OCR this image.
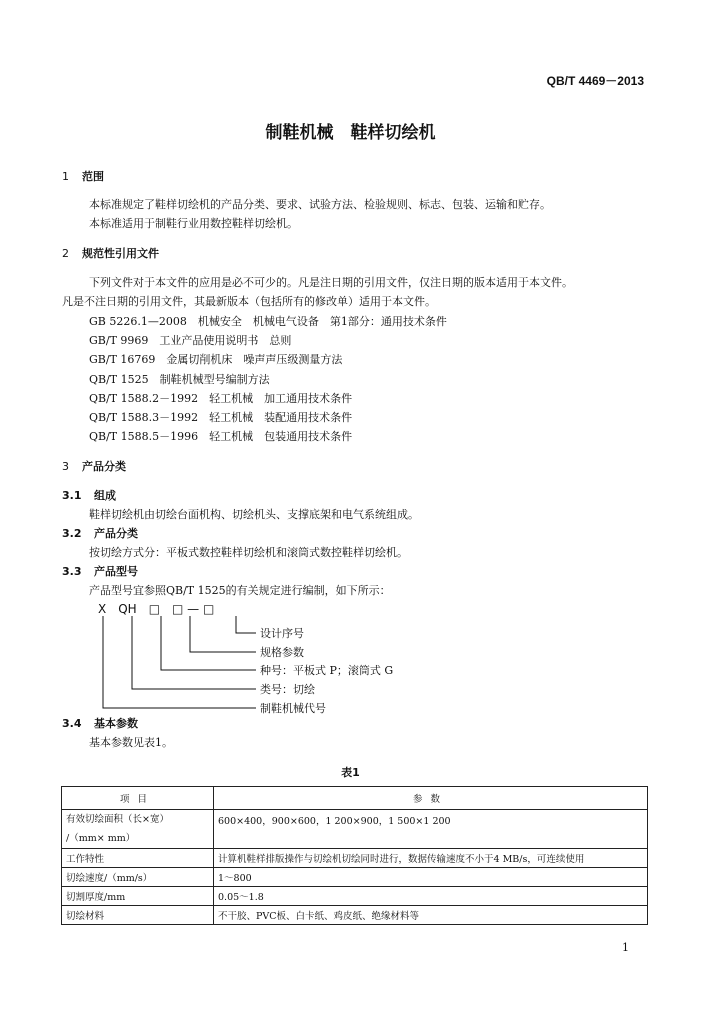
QB/T 4469－2013
制鞋机械　鞋样切绘机
1 范围
本标准规定了鞋样切绘机的产品分类、要求、试验方法、检验规则、标志、包装、运输和贮存。
本标准适用于制鞋行业用数控鞋样切绘机。
2 规范性引用文件
下列文件对于本文件的应用是必不可少的。凡是注日期的引用文件，仅注日期的版本适用于本文件。
凡是不注日期的引用文件，其最新版本（包括所有的修改单）适用于本文件。
GB 5226.1—2008　机械安全　机械电气设备　第1部分：通用技术条件
GB/T 9969　工业产品使用说明书　总则
GB/T 16769　金属切削机床　噪声声压级测量方法
QB/T 1525　制鞋机械型号编制方法
QB/T 1588.2－1992　轻工机械　加工通用技术条件
QB/T 1588.3－1992　轻工机械　装配通用技术条件
QB/T 1588.5－1996　轻工机械　包装通用技术条件
3 产品分类
3.1 组成
鞋样切绘机由切绘台面机构、切绘机头、支撑底架和电气系统组成。
3.2 产品分类
按切绘方式分：平板式数控鞋样切绘机和滚筒式数控鞋样切绘机。
3.3 产品型号
产品型号宜参照QB/T 1525的有关规定进行编制，如下所示：
X　QH　□　□ — □
设计序号
规格参数
种号：平板式 P；滚筒式 G
类号：切绘
制鞋机械代号
3.4 基本参数
基本参数见表1。
表1
项目	参数

有效切绘面积（长×宽）
/（mm× mm）	600×400，900×600，1 200×900，1 500×1 200
工作特性	计算机鞋样排版操作与切绘机切绘同时进行，数据传输速度不小于4 MB/s，可连续使用
切绘速度/（mm/s）	1～800
切割厚度/mm	0.05～1.8
切绘材料	不干胶、PVC板、白卡纸、鸡皮纸、绝缘材料等
1
